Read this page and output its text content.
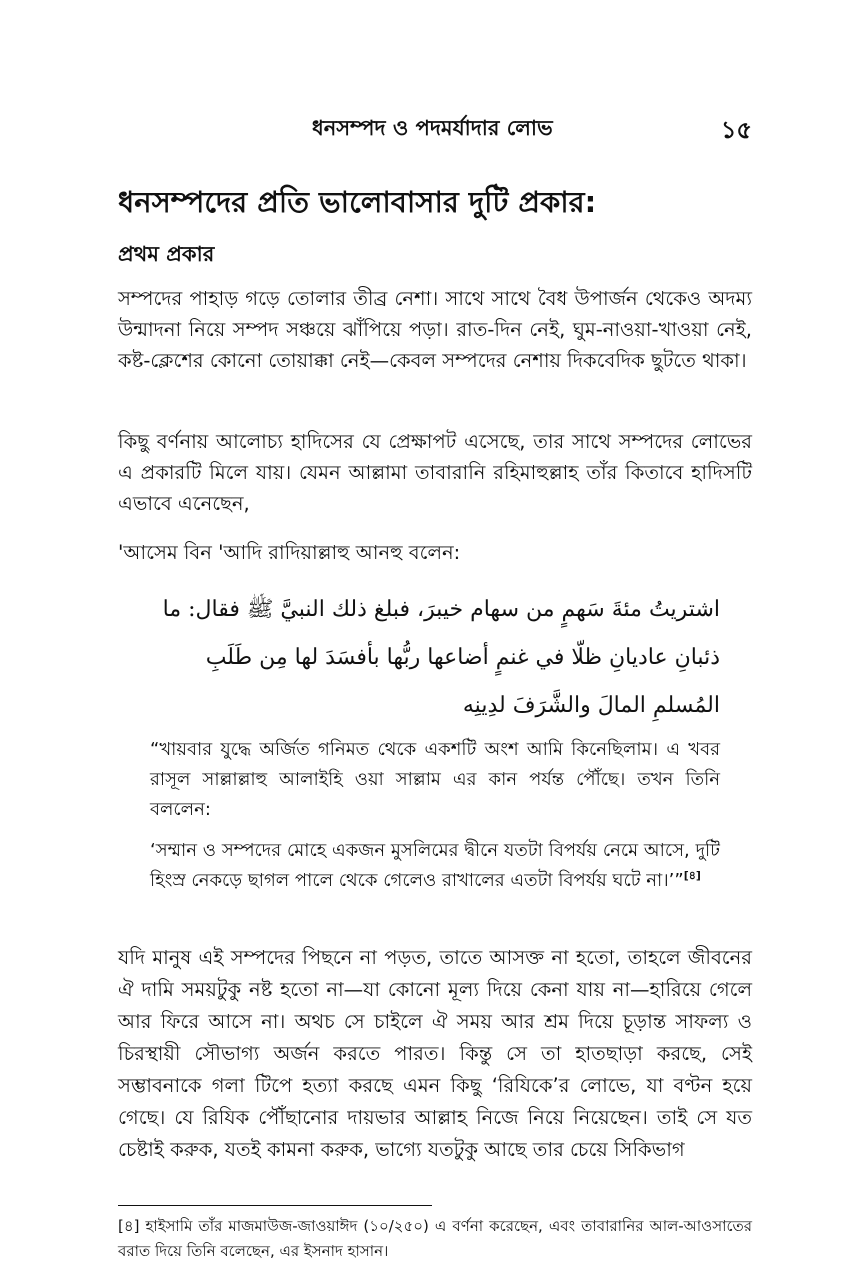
ধনসম্পদ ও পদমর্যাদার লোভ	১৫
ধনসম্পদের প্রতি ভালোবাসার দুটি প্রকার:
প্রথম প্রকার

সম্পদের পাহাড় গড়ে তোলার তীব্র নেশা। সাথে সাথে বৈধ উপার্জন থেকেও অদম্য উন্মাদনা নিয়ে সম্পদ সঞ্চয়ে ঝাঁপিয়ে পড়া। রাত-দিন নেই, ঘুম-নাওয়া-খাওয়া নেই, কষ্ট-ক্লেশের কোনো তোয়াক্কা নেই—কেবল সম্পদের নেশায় দিকবেদিক ছুটতে থাকা।

কিছু বর্ণনায় আলোচ্য হাদিসের যে প্রেক্ষাপট এসেছে, তার সাথে সম্পদের লোভের এ প্রকারটি মিলে যায়। যেমন আল্লামা তাবারানি রহিমাহুল্লাহ তাঁর কিতাবে হাদিসটি এভাবে এনেছেন,

'আসেম বিন 'আদি রাদিয়াল্লাহু আনহু বলেন:

اشتريتُ مئةَ سَهمٍ من سهام خيبرَ، فبلغ ذلك النبيَّ ﷺ فقال: ما ذئبانِ عاديانِ ظلّا في غنمٍ أضاعها ربُّها بأفسَدَ لها مِن طَلَبِ المُسلمِ المالَ والشَّرَفَ لدِينِه

“খায়বার যুদ্ধে অর্জিত গনিমত থেকে একশটি অংশ আমি কিনেছিলাম। এ খবর রাসূল সাল্লাল্লাহু আলাইহি ওয়া সাল্লাম এর কান পর্যন্ত পৌঁছে। তখন তিনি বললেন:

‘সম্মান ও সম্পদের মোহে একজন মুসলিমের দ্বীনে যতটা বিপর্যয় নেমে আসে, দুটি হিংস্র নেকড়ে ছাগল পালে থেকে গেলেও রাখালের এতটা বিপর্যয় ঘটে না।’”[৪]

যদি মানুষ এই সম্পদের পিছনে না পড়ত, তাতে আসক্ত না হতো, তাহলে জীবনের ঐ দামি সময়টুকু নষ্ট হতো না—যা কোনো মূল্য দিয়ে কেনা যায় না—হারিয়ে গেলে আর ফিরে আসে না। অথচ সে চাইলে ঐ সময় আর শ্রম দিয়ে চূড়ান্ত সাফল্য ও চিরস্থায়ী সৌভাগ্য অর্জন করতে পারত। কিন্তু সে তা হাতছাড়া করছে, সেই সম্ভাবনাকে গলা টিপে হত্যা করছে এমন কিছু ‘রিযিকে’র লোভে, যা বণ্টন হয়ে গেছে। যে রিযিক পৌঁছানোর দায়ভার আল্লাহ নিজে নিয়ে নিয়েছেন। তাই সে যত চেষ্টাই করুক, যতই কামনা করুক, ভাগ্যে যতটুকু আছে তার চেয়ে সিকিভাগ

[৪] হাইসামি তাঁর মাজমাউজ-জাওয়াঈদ (১০/২৫০) এ বর্ণনা করেছেন, এবং তাবারানির আল-আওসাতের বরাত দিয়ে তিনি বলেছেন, এর ইসনাদ হাসান।
